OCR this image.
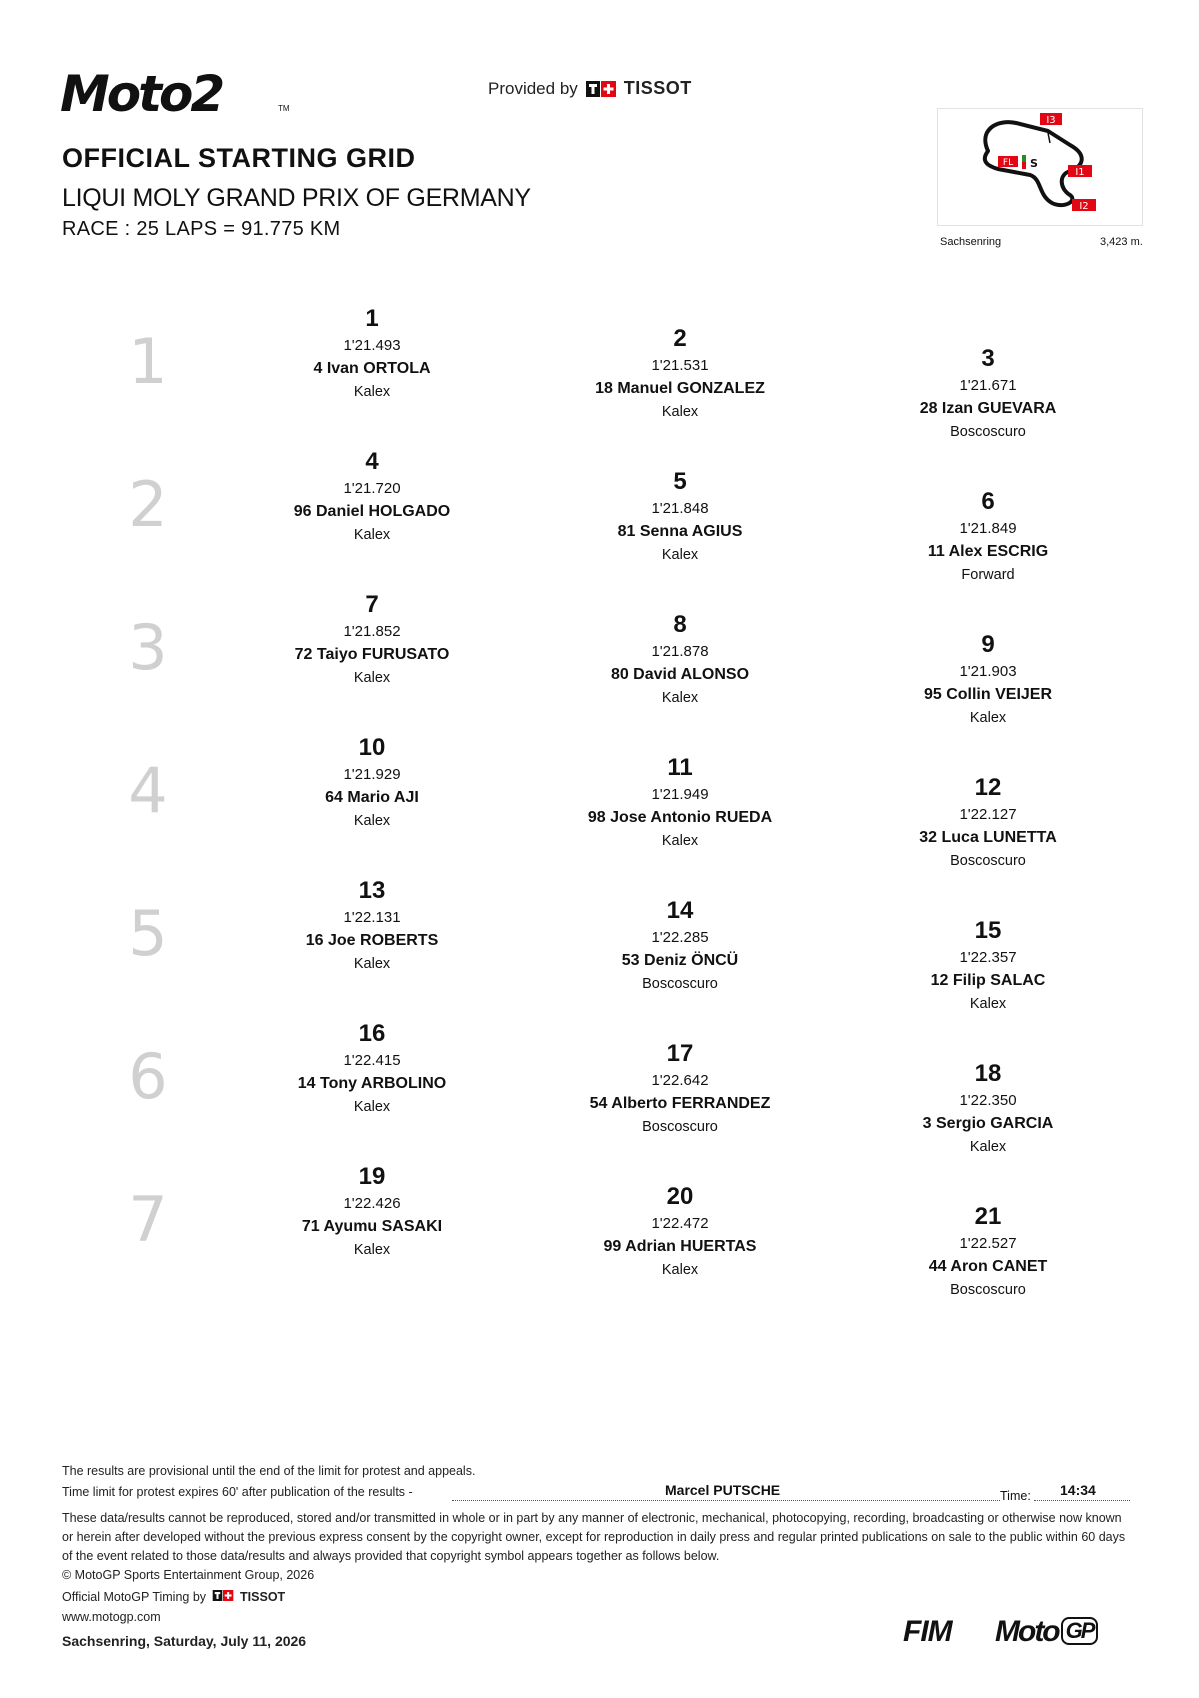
Moto2	TM
Provided by	TISSOT
OFFICIAL STARTING GRID
LIQUI MOLY GRAND PRIX OF GERMANY
RACE : 25 LAPS = 91.775 KM
I3
FL S
I1
I2
Sachsenring	3,423 m.
1
2
3
4
5
6
7
1
1'21.493
4 Ivan ORTOLA
Kalex
2
1'21.531
18 Manuel GONZALEZ
Kalex
3
1'21.671
28 Izan GUEVARA
Boscoscuro
4
1'21.720
96 Daniel HOLGADO
Kalex
5
1'21.848
81 Senna AGIUS
Kalex
6
1'21.849
11 Alex ESCRIG
Forward
7
1'21.852
72 Taiyo FURUSATO
Kalex
8
1'21.878
80 David ALONSO
Kalex
9
1'21.903
95 Collin VEIJER
Kalex
10
1'21.929
64 Mario AJI
Kalex
11
1'21.949
98 Jose Antonio RUEDA
Kalex
12
1'22.127
32 Luca LUNETTA
Boscoscuro
13
1'22.131
16 Joe ROBERTS
Kalex
14
1'22.285
53 Deniz ÖNCÜ
Boscoscuro
15
1'22.357
12 Filip SALAC
Kalex
16
1'22.415
14 Tony ARBOLINO
Kalex
17
1'22.642
54 Alberto FERRANDEZ
Boscoscuro
18
1'22.350
3 Sergio GARCIA
Kalex
19
1'22.426
71 Ayumu SASAKI
Kalex
20
1'22.472
99 Adrian HUERTAS
Kalex
21
1'22.527
44 Aron CANET
Boscoscuro
The results are provisional until the end of the limit for protest and appeals.
Time limit for protest expires 60' after publication of the results -	Marcel PUTSCHE	Time: 14:34
These data/results cannot be reproduced, stored and/or transmitted in whole or in part by any manner of electronic, mechanical, photocopying, recording, broadcasting or otherwise now known or herein after developed without the previous express consent by the copyright owner, except for reproduction in daily press and regular printed publications on sale to the public within 60 days of the event related to those data/results and always provided that copyright symbol appears together as follows below.
© MotoGP Sports Entertainment Group, 2026
Official MotoGP Timing by	TISSOT
www.motogp.com
Sachsenring, Saturday, July 11, 2026	FIM Moto GP
